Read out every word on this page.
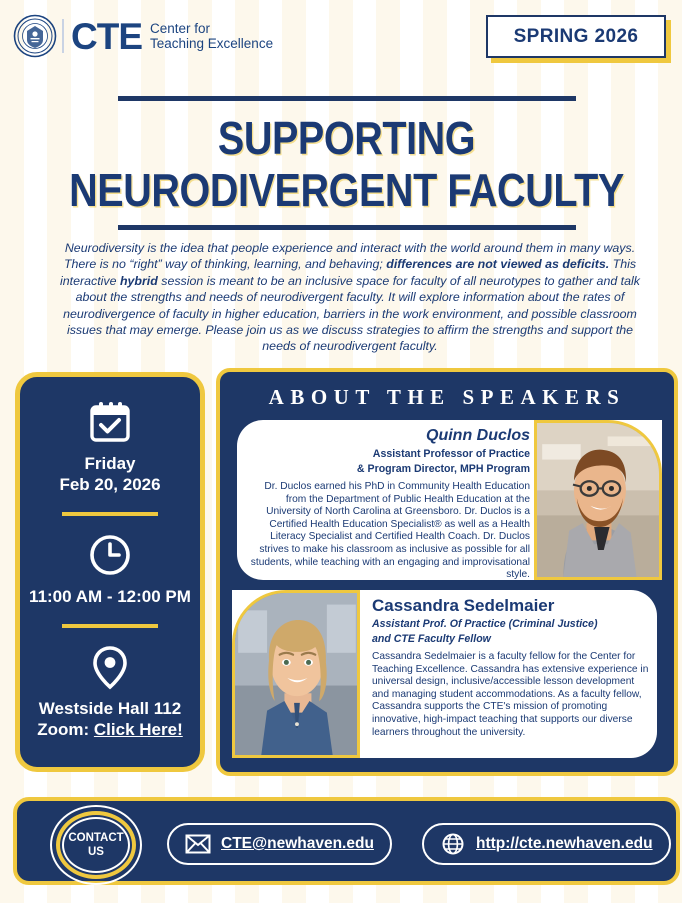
CTE Center for
Teaching Excellence	SPRING 2026
SUPPORTING
NEURODIVERGENT FACULTY

Neurodiversity is the idea that people experience and interact with the world around them in many ways. There is no “right” way of thinking, learning, and behaving; differences are not viewed as deficits. This interactive hybrid session is meant to be an inclusive space for faculty of all neurotypes to gather and talk about the strengths and needs of neurodivergent faculty. It will explore information about the rates of neurodivergence of faculty in higher education, barriers in the work environment, and possible classroom issues that may emerge. Please join us as we discuss strategies to affirm the strengths and support the needs of neurodivergent faculty.

Friday
Feb 20, 2026
11:00 AM - 12:00 PM
Westside Hall 112
Zoom: Click Here!
ABOUT THE SPEAKERS
Quinn Duclos
Assistant Professor of Practice
& Program Director, MPH Program
Dr. Duclos earned his PhD in Community Health Education from the Department of Public Health Education at the University of North Carolina at Greensboro. Dr. Duclos is a Certified Health Education Specialist® as well as a Health Literacy Specialist and Certified Health Coach. Dr. Duclos strives to make his classroom as inclusive as possible for all students, while teaching with an engaging and improvisational style.
Cassandra Sedelmaier
Assistant Prof. Of Practice (Criminal Justice)
and CTE Faculty Fellow
Cassandra Sedelmaier is a faculty fellow for the Center for Teaching Excellence. Cassandra has extensive experience in universal design, inclusive/accessible lesson development and managing student accommodations. As a faculty fellow, Cassandra supports the CTE's mission of promoting innovative, high-impact teaching that supports our diverse learners throughout the university.
CONTACT
US	CTE@newhaven.edu	http://cte.newhaven.edu
